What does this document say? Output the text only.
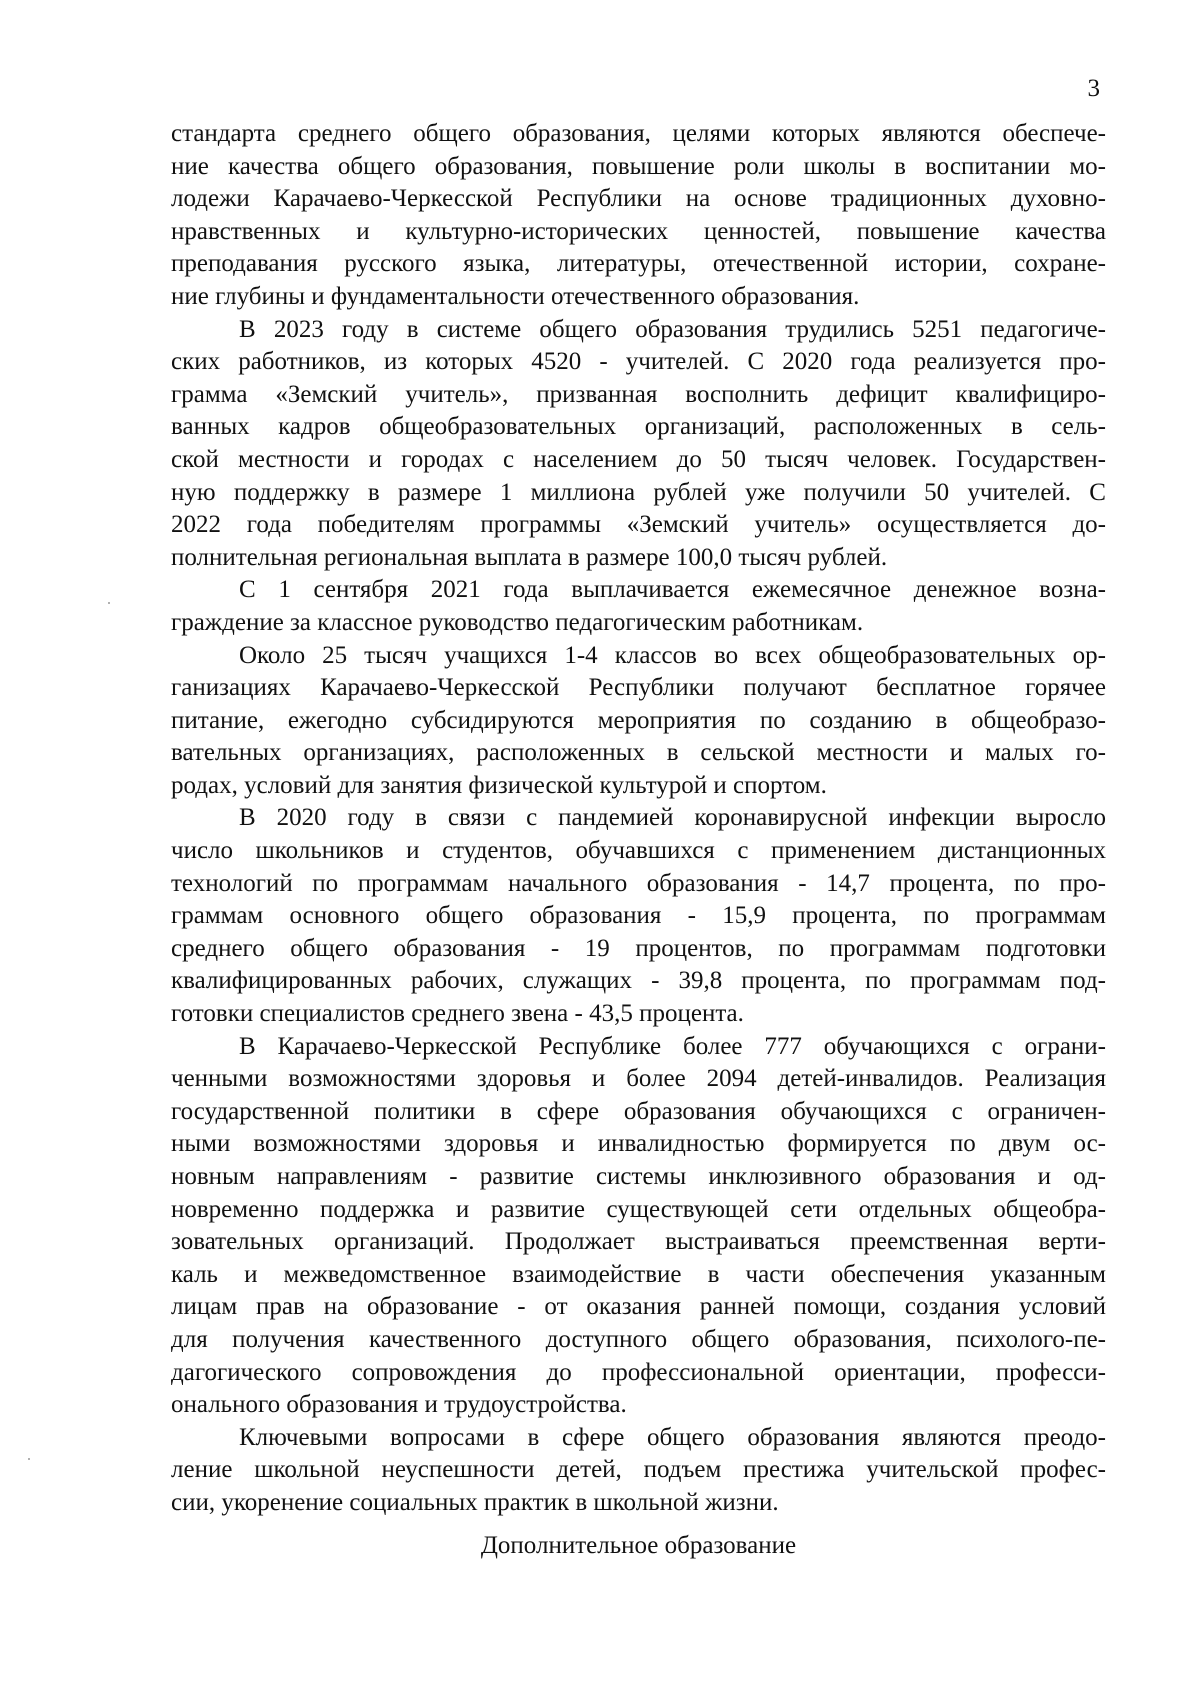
3

стандарта среднего общего образования, целями которых являются обеспече-
ние качества общего образования, повышение роли школы в воспитании мо-
лодежи Карачаево-Черкесской Республики на основе традиционных духовно-
нравственных и культурно-исторических ценностей, повышение качества
преподавания русского языка, литературы, отечественной истории, сохране-
ние глубины и фундаментальности отечественного образования.

В 2023 году в системе общего образования трудились 5251 педагогиче-
ских работников, из которых 4520 - учителей. С 2020 года реализуется про-
грамма «Земский учитель», призванная восполнить дефицит квалифициро-
ванных кадров общеобразовательных организаций, расположенных в сель-
ской местности и городах с населением до 50 тысяч человек. Государствен-
ную поддержку в размере 1 миллиона рублей уже получили 50 учителей. С
2022 года победителям программы «Земский учитель» осуществляется до-
полнительная региональная выплата в размере 100,0 тысяч рублей.

С 1 сентября 2021 года выплачивается ежемесячное денежное возна-
граждение за классное руководство педагогическим работникам.

Около 25 тысяч учащихся 1-4 классов во всех общеобразовательных ор-
ганизациях Карачаево-Черкесской Республики получают бесплатное горячее
питание, ежегодно субсидируются мероприятия по созданию в общеобразо-
вательных организациях, расположенных в сельской местности и малых го-
родах, условий для занятия физической культурой и спортом.

В 2020 году в связи с пандемией коронавирусной инфекции выросло
число школьников и студентов, обучавшихся с применением дистанционных
технологий по программам начального образования - 14,7 процента, по про-
граммам основного общего образования - 15,9 процента, по программам
среднего общего образования - 19 процентов, по программам подготовки
квалифицированных рабочих, служащих - 39,8 процента, по программам под-
готовки специалистов среднего звена - 43,5 процента.

В Карачаево-Черкесской Республике более 777 обучающихся с ограни-
ченными возможностями здоровья и более 2094 детей-инвалидов. Реализация
государственной политики в сфере образования обучающихся с ограничен-
ными возможностями здоровья и инвалидностью формируется по двум ос-
новным направлениям - развитие системы инклюзивного образования и од-
новременно поддержка и развитие существующей сети отдельных общеобра-
зовательных организаций. Продолжает выстраиваться преемственная верти-
каль и межведомственное взаимодействие в части обеспечения указанным
лицам прав на образование - от оказания ранней помощи, создания условий
для получения качественного доступного общего образования, психолого-пе-
дагогического сопровождения до профессиональной ориентации, професси-
онального образования и трудоустройства.

Ключевыми вопросами в сфере общего образования являются преодо-
ление школьной неуспешности детей, подъем престижа учительской профес-
сии, укоренение социальных практик в школьной жизни.

Дополнительное образование
